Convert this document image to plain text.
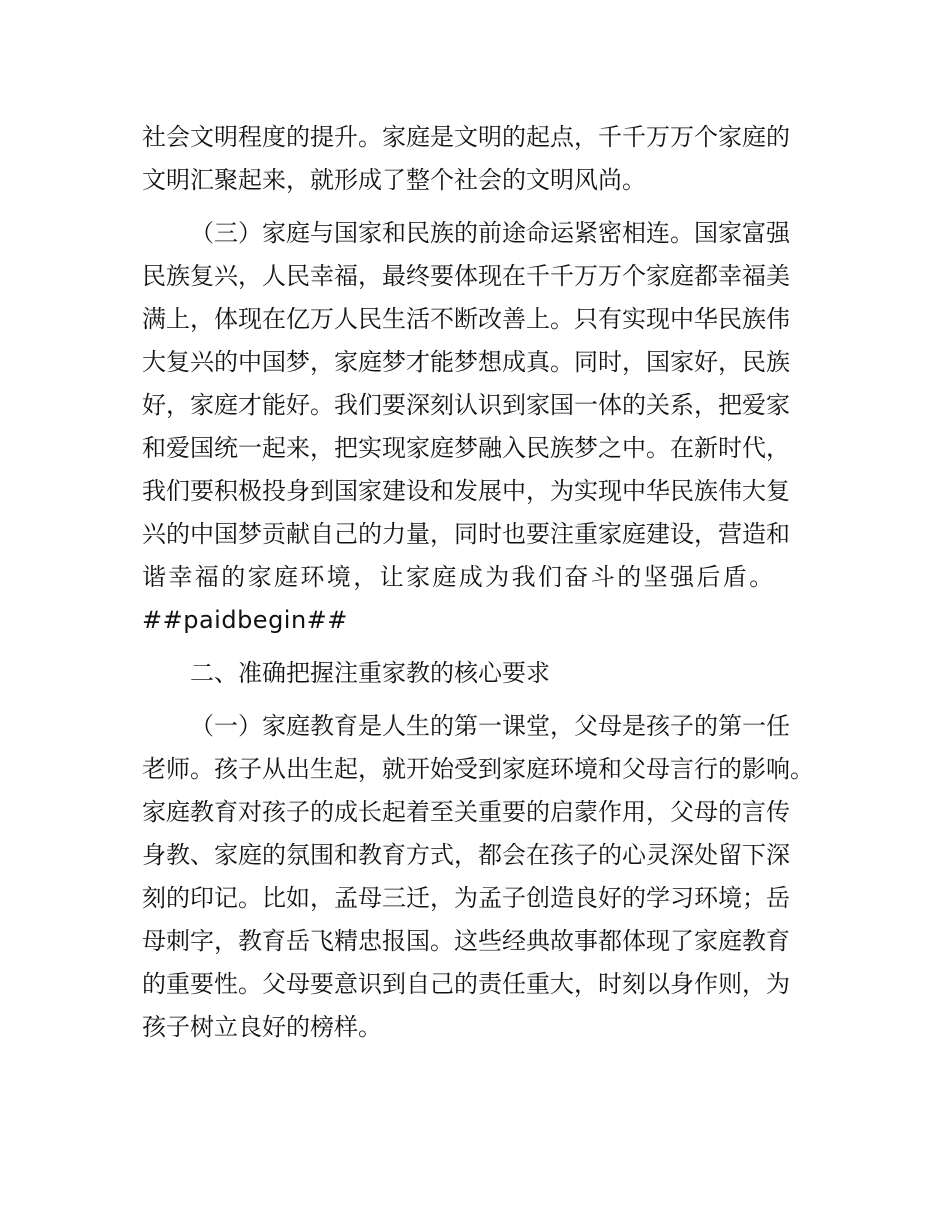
社会文明程度的提升。家庭是文明的起点，千千万万个家庭的
文明汇聚起来，就形成了整个社会的文明风尚。
（三）家庭与国家和民族的前途命运紧密相连。国家富强
民族复兴，人民幸福，最终要体现在千千万万个家庭都幸福美
满上，体现在亿万人民生活不断改善上。只有实现中华民族伟
大复兴的中国梦，家庭梦才能梦想成真。同时，国家好，民族
好，家庭才能好。我们要深刻认识到家国一体的关系，把爱家
和爱国统一起来，把实现家庭梦融入民族梦之中。在新时代，
我们要积极投身到国家建设和发展中，为实现中华民族伟大复
兴的中国梦贡献自己的力量，同时也要注重家庭建设，营造和
谐幸福的家庭环境，让家庭成为我们奋斗的坚强后盾。
##paidbegin##
二、准确把握注重家教的核心要求
（一）家庭教育是人生的第一课堂，父母是孩子的第一任
老师。孩子从出生起，就开始受到家庭环境和父母言行的影响。
家庭教育对孩子的成长起着至关重要的启蒙作用，父母的言传
身教、家庭的氛围和教育方式，都会在孩子的心灵深处留下深
刻的印记。比如，孟母三迁，为孟子创造良好的学习环境；岳
母刺字，教育岳飞精忠报国。这些经典故事都体现了家庭教育
的重要性。父母要意识到自己的责任重大，时刻以身作则，为
孩子树立良好的榜样。
